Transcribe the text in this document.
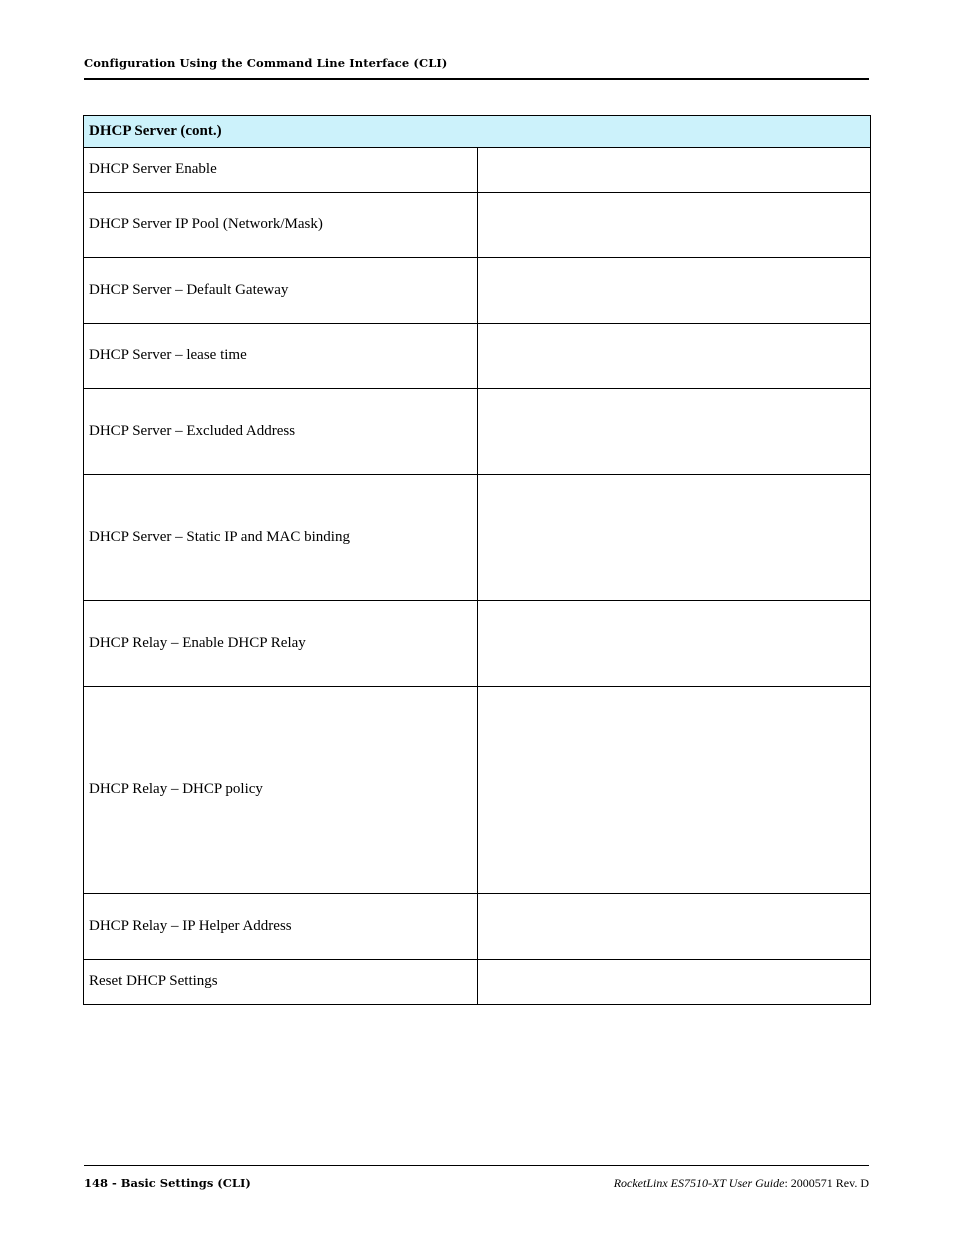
Configuration Using the Command Line Interface (CLI)
DHCP Server (cont.)	
DHCP Server Enable	
DHCP Server IP Pool (Network/Mask)	
DHCP Server – Default Gateway	
DHCP Server – lease time	
DHCP Server – Excluded Address	
DHCP Server – Static IP and MAC binding	
DHCP Relay – Enable DHCP Relay	
DHCP Relay – DHCP policy	
DHCP Relay – IP Helper Address	
Reset DHCP Settings	
148 - Basic Settings (CLI)	RocketLinx ES7510-XT User Guide: 2000571 Rev. D
